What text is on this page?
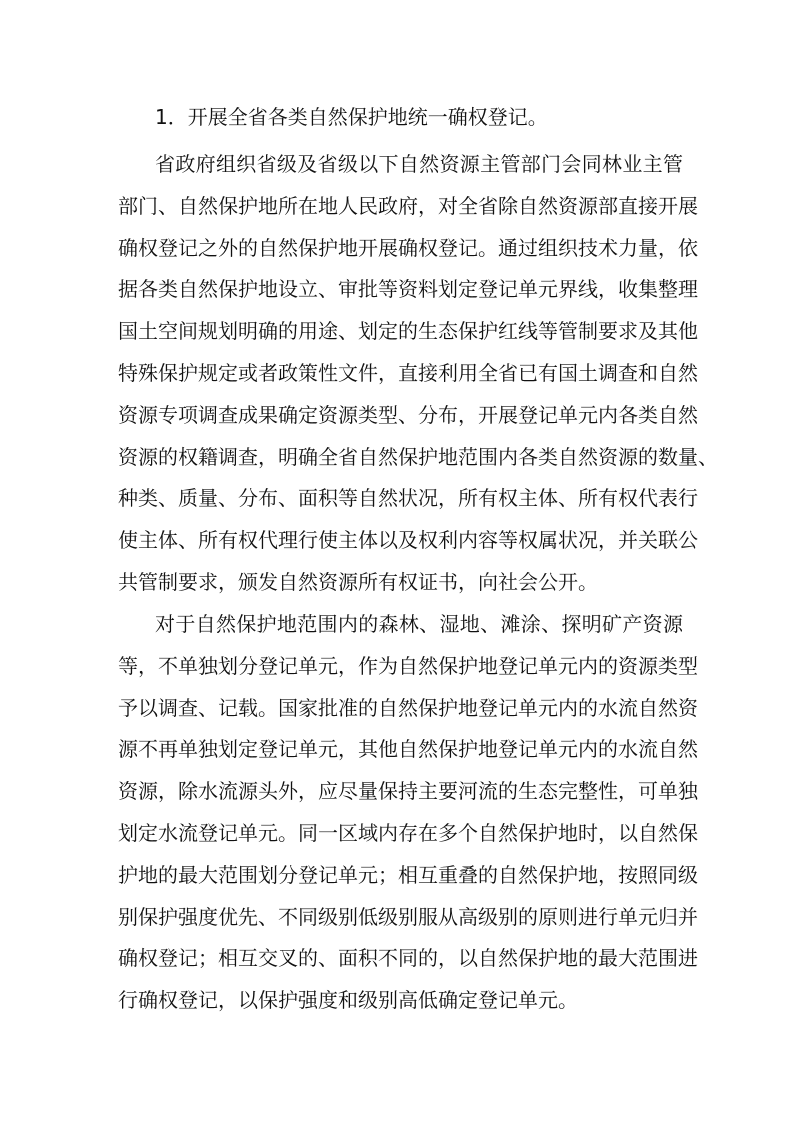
1．开展全省各类自然保护地统一确权登记。
省政府组织省级及省级以下自然资源主管部门会同林业主管
部门、自然保护地所在地人民政府，对全省除自然资源部直接开展
确权登记之外的自然保护地开展确权登记。通过组织技术力量，依
据各类自然保护地设立、审批等资料划定登记单元界线，收集整理
国土空间规划明确的用途、划定的生态保护红线等管制要求及其他
特殊保护规定或者政策性文件，直接利用全省已有国土调查和自然
资源专项调查成果确定资源类型、分布，开展登记单元内各类自然
资源的权籍调查，明确全省自然保护地范围内各类自然资源的数量、
种类、质量、分布、面积等自然状况，所有权主体、所有权代表行
使主体、所有权代理行使主体以及权利内容等权属状况，并关联公
共管制要求，颁发自然资源所有权证书，向社会公开。
对于自然保护地范围内的森林、湿地、滩涂、探明矿产资源
等，不单独划分登记单元，作为自然保护地登记单元内的资源类型
予以调查、记载。国家批准的自然保护地登记单元内的水流自然资
源不再单独划定登记单元，其他自然保护地登记单元内的水流自然
资源，除水流源头外，应尽量保持主要河流的生态完整性，可单独
划定水流登记单元。同一区域内存在多个自然保护地时，以自然保
护地的最大范围划分登记单元；相互重叠的自然保护地，按照同级
别保护强度优先、不同级别低级别服从高级别的原则进行单元归并
确权登记；相互交叉的、面积不同的，以自然保护地的最大范围进
行确权登记，以保护强度和级别高低确定登记单元。
